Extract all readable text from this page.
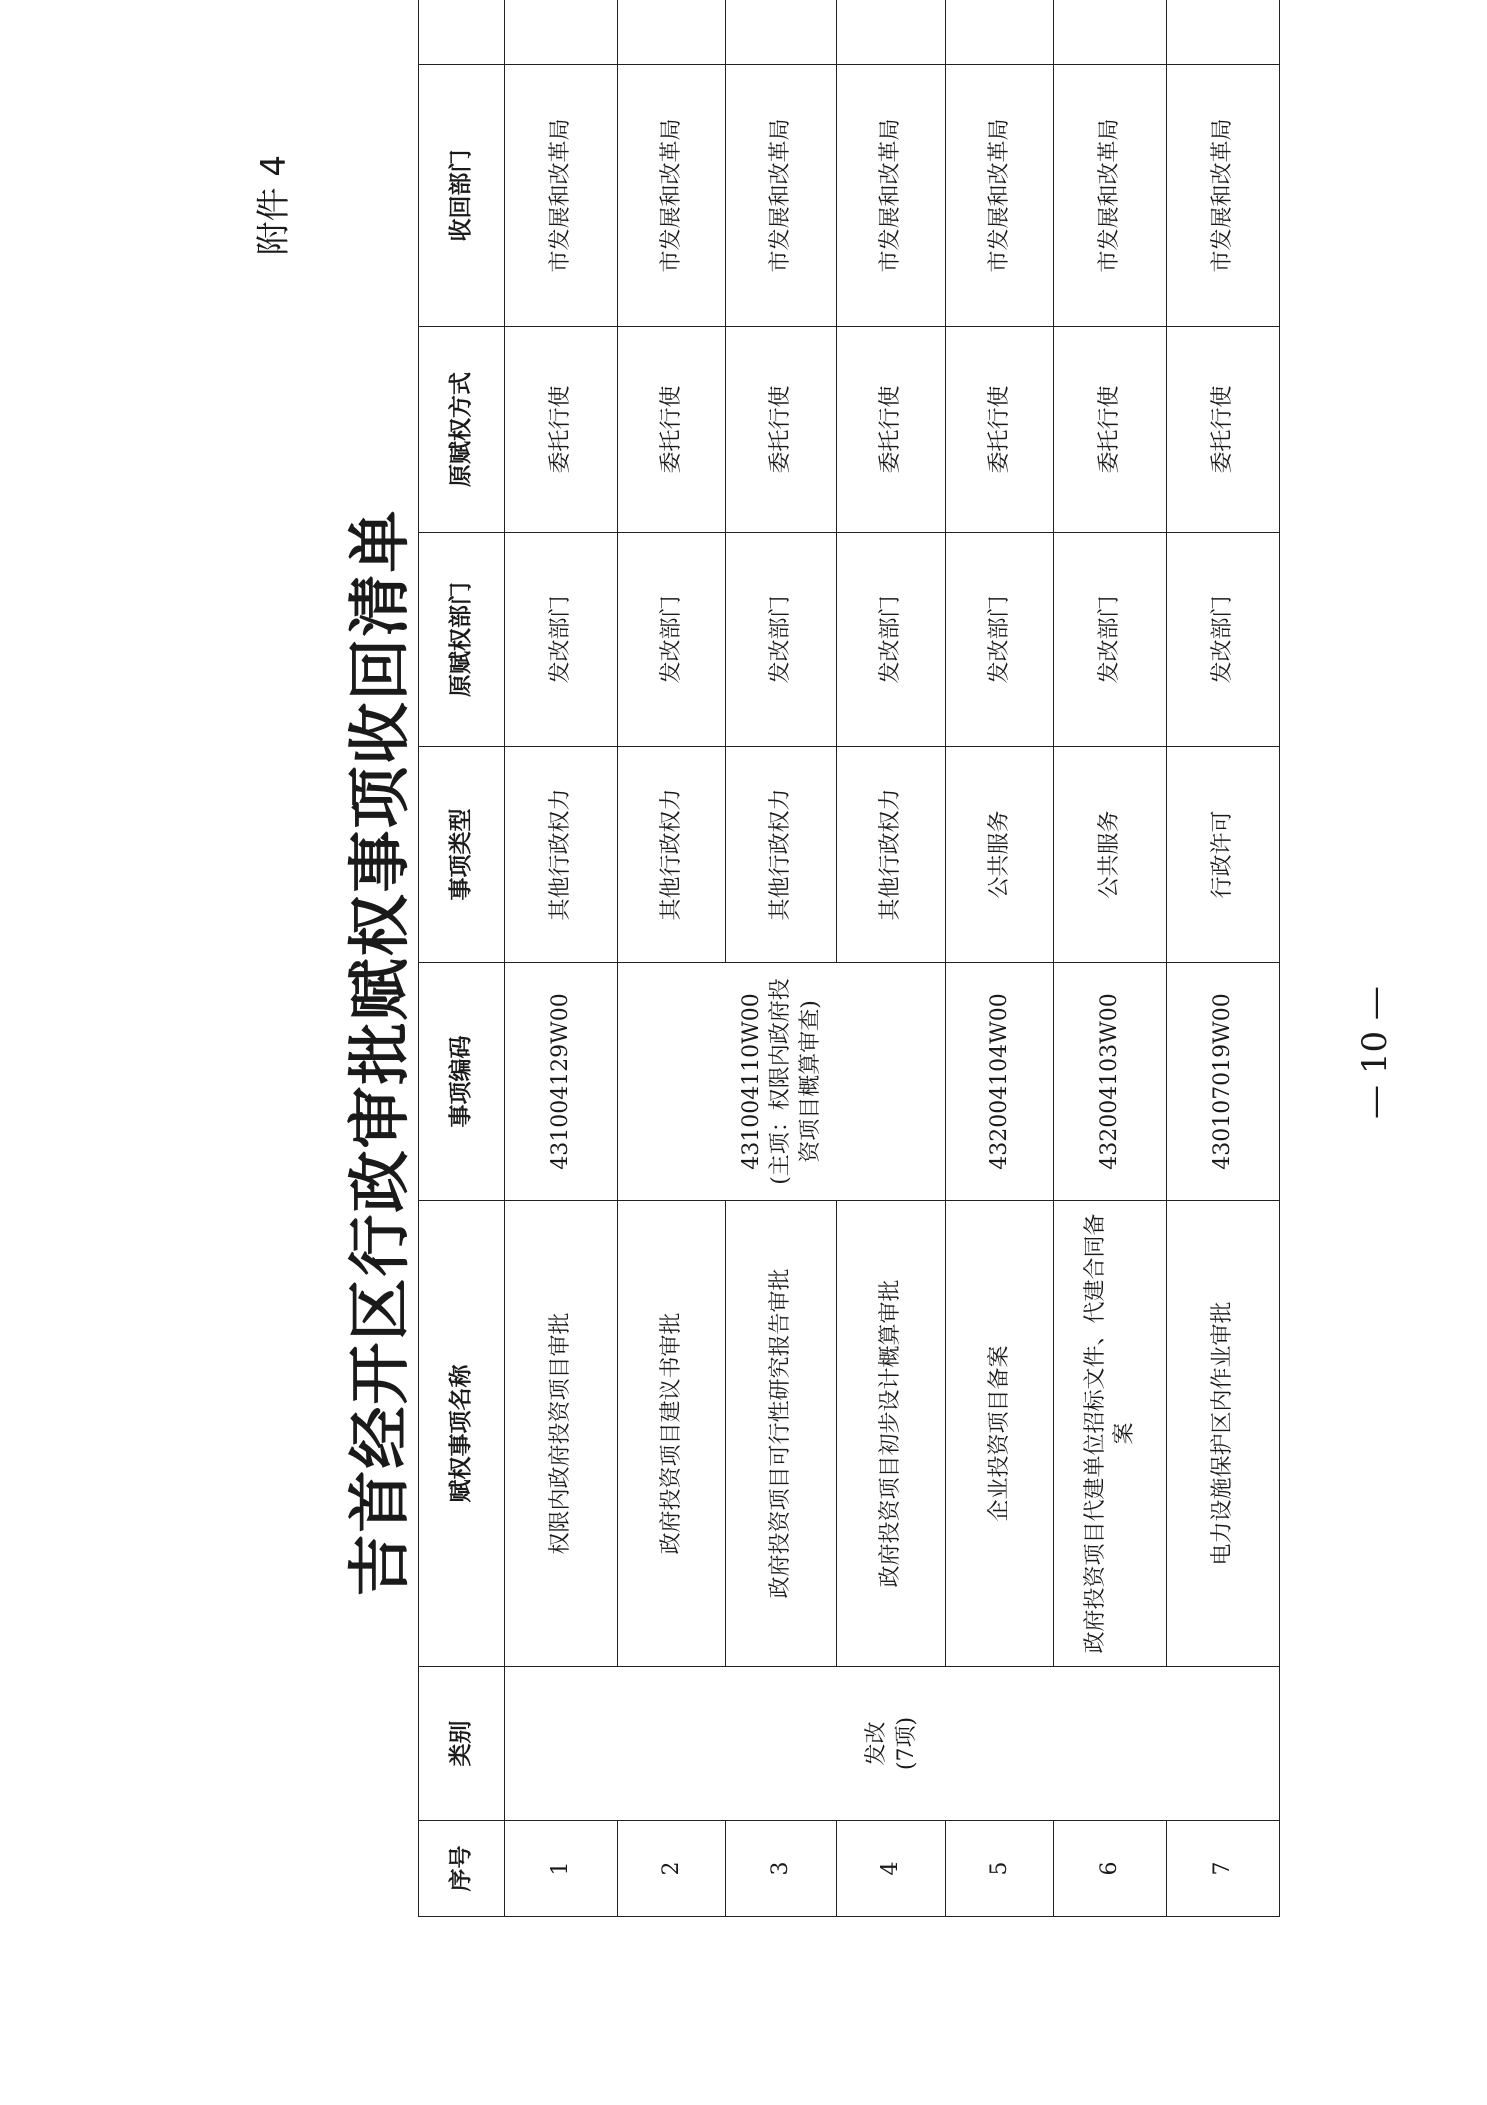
附件 4
吉首经开区行政审批赋权事项收回清单
序号	类别	赋权事项名称	事项编码	事项类型	原赋权部门	原赋权方式	收回部门	
1	发改 (7项)	权限内政府投资项目审批	431004129W00	其他行政权力	发改部门	委托行使	市发展和改革局	
2		政府投资项目建议书审批	431004110W00 (主项：权限内政府投资项目概算审查)	其他行政权力	发改部门	委托行使	市发展和改革局	
3		政府投资项目可行性研究报告审批		其他行政权力	发改部门	委托行使	市发展和改革局	
4		政府投资项目初步设计概算审批		其他行政权力	发改部门	委托行使	市发展和改革局	
5		企业投资项目备案	432004104W00	公共服务	发改部门	委托行使	市发展和改革局	
6		政府投资项目代建单位招标文件、代建合同备案	432004103W00	公共服务	发改部门	委托行使	市发展和改革局	
7		电力设施保护区内作业审批	430107019W00	行政许可	发改部门	委托行使	市发展和改革局	
— 10 —
